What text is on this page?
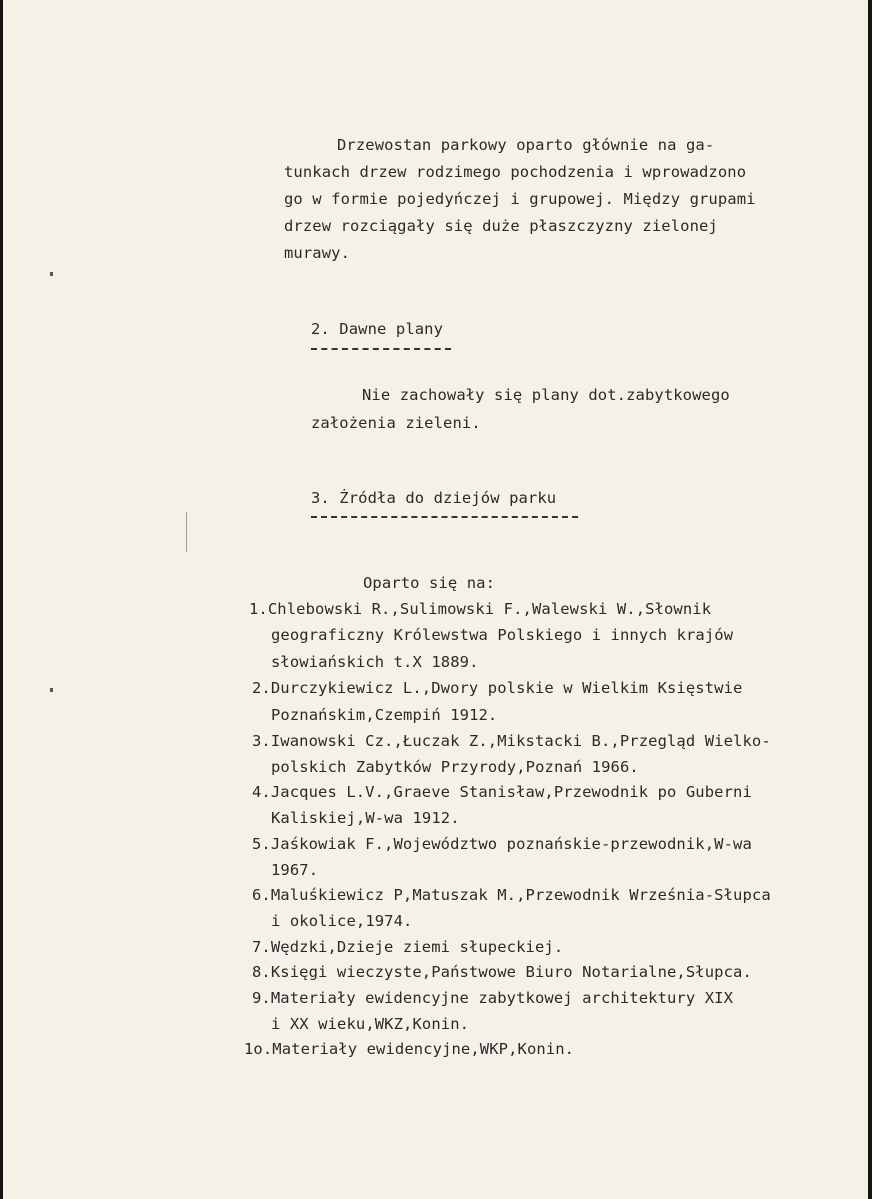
Drzewostan parkowy oparto głównie na ga-
tunkach drzew rodzimego pochodzenia i wprowadzono
go w formie pojedyńczej i grupowej. Między grupami
drzew rozciągały się duże płaszczyzny zielonej
murawy.
2. Dawne plany
Nie zachowały się plany dot.zabytkowego
założenia zieleni.
3. Żródła do dziejów parku
Oparto się na:
1.Chlebowski R.,Sulimowski F.,Walewski W.,Słownik
geograficzny Królewstwa Polskiego i innych krajów
słowiańskich t.X 1889.
2.Durczykiewicz L.,Dwory polskie w Wielkim Księstwie
Poznańskim,Czempiń 1912.
3.Iwanowski Cz.,Łuczak Z.,Mikstacki B.,Przegląd Wielko-
polskich Zabytków Przyrody,Poznań 1966.
4.Jacques L.V.,Graeve Stanisław,Przewodnik po Guberni
Kaliskiej,W-wa 1912.
5.Jaśkowiak F.,Województwo poznańskie-przewodnik,W-wa
1967.
6.Maluśkiewicz P,Matuszak M.,Przewodnik Września-Słupca
i okolice,1974.
7.Wędzki,Dzieje ziemi słupeckiej.
8.Księgi wieczyste,Państwowe Biuro Notarialne,Słupca.
9.Materiały ewidencyjne zabytkowej architektury XIX
i XX wieku,WKZ,Konin.
1o.Materiały ewidencyjne,WKP,Konin.
